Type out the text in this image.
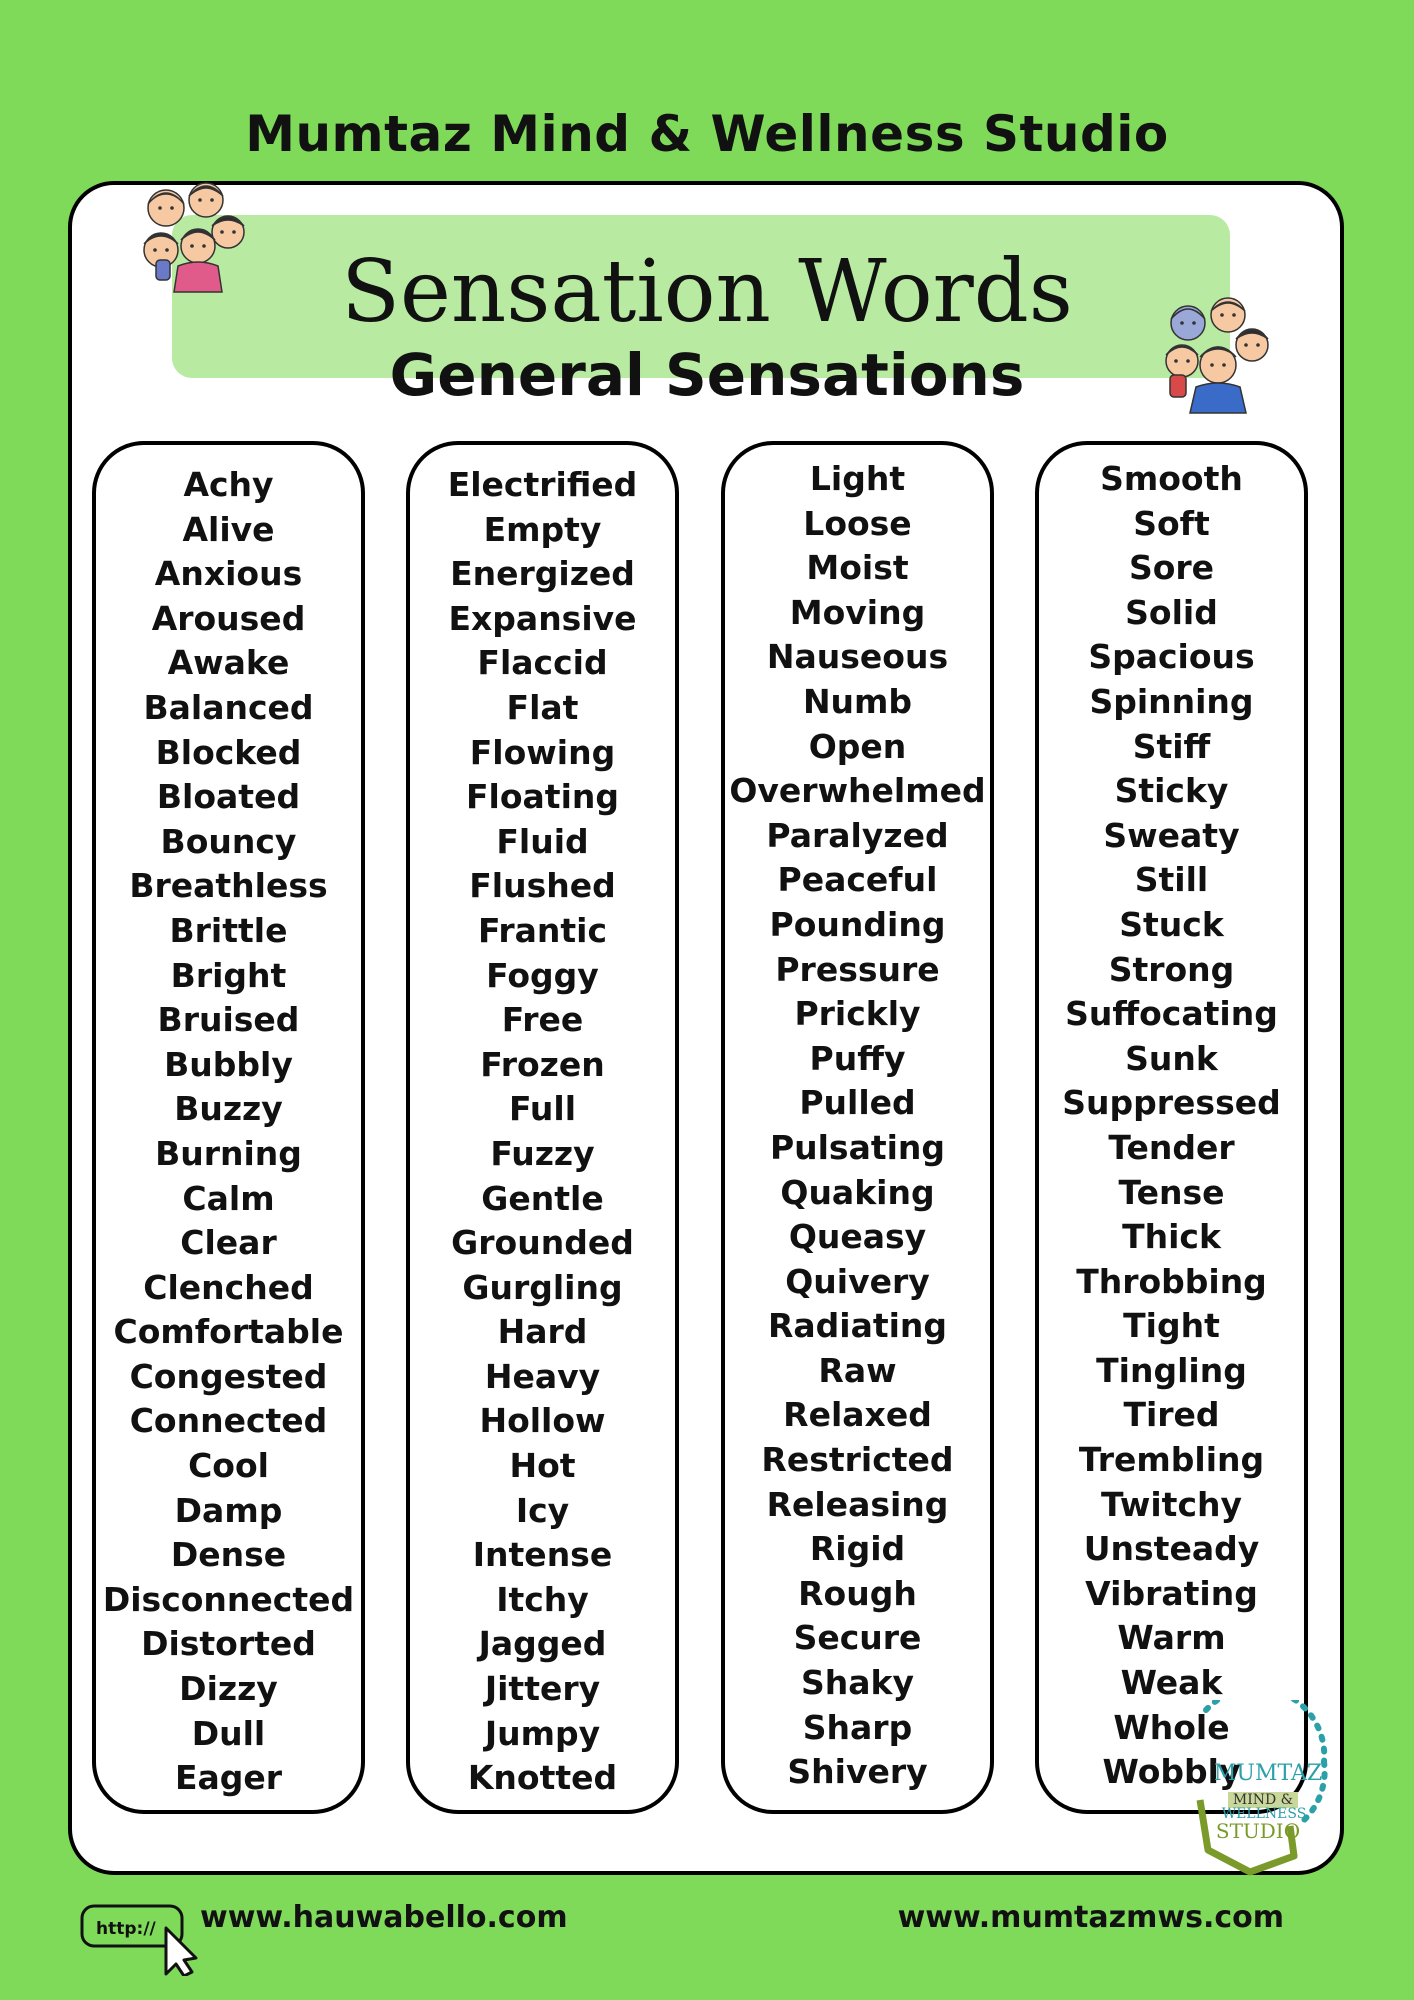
Mumtaz Mind & Wellness Studio
Sensation Words
General Sensations
Achy
Alive
Anxious
Aroused
Awake
Balanced
Blocked
Bloated
Bouncy
Breathless
Brittle
Bright
Bruised
Bubbly
Buzzy
Burning
Calm
Clear
Clenched
Comfortable
Congested
Connected
Cool
Damp
Dense
Disconnected
Distorted
Dizzy
Dull
Eager
Electrified
Empty
Energized
Expansive
Flaccid
Flat
Flowing
Floating
Fluid
Flushed
Frantic
Foggy
Free
Frozen
Full
Fuzzy
Gentle
Grounded
Gurgling
Hard
Heavy
Hollow
Hot
Icy
Intense
Itchy
Jagged
Jittery
Jumpy
Knotted
Light
Loose
Moist
Moving
Nauseous
Numb
Open
Overwhelmed
Paralyzed
Peaceful
Pounding
Pressure
Prickly
Puffy
Pulled
Pulsating
Quaking
Queasy
Quivery
Radiating
Raw
Relaxed
Restricted
Releasing
Rigid
Rough
Secure
Shaky
Sharp
Shivery
Smooth
Soft
Sore
Solid
Spacious
Spinning
Stiff
Sticky
Sweaty
Still
Stuck
Strong
Suffocating
Sunk
Suppressed
Tender
Tense
Thick
Throbbing
Tight
Tingling
Tired
Trembling
Twitchy
Unsteady
Vibrating
Warm
Weak
Whole
Wobbly
MUMTAZ
MIND &
WELLNESS
STUDIO
http:// www.hauwabello.com	www.mumtazmws.com
